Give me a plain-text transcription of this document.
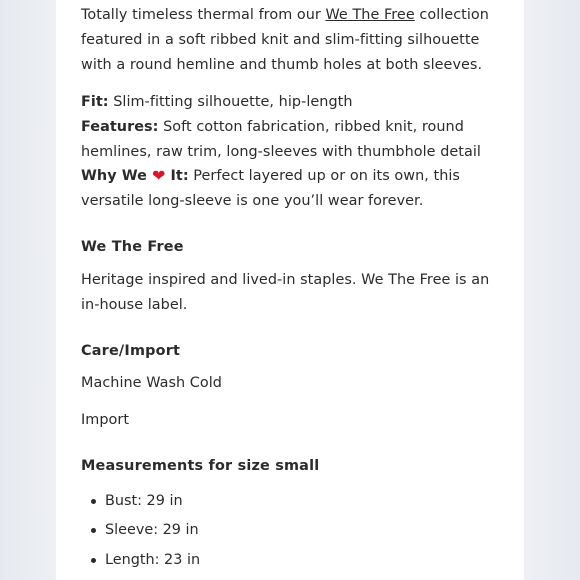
Totally timeless thermal from our We The Free collection featured in a soft ribbed knit and slim-fitting silhouette with a round hemline and thumb holes at both sleeves.

Fit: Slim-fitting silhouette, hip-length

Features: Soft cotton fabrication, ribbed knit, round hemlines, raw trim, long-sleeves with thumbhole detail

Why We ❤ It: Perfect layered up or on its own, this versatile long-sleeve is one you’ll wear forever.

We The Free

Heritage inspired and lived-in staples. We The Free is an in-house label.

Care/Import

Machine Wash Cold

Import

Measurements for size small

Bust: 29 in
Sleeve: 29 in
Length: 23 in
